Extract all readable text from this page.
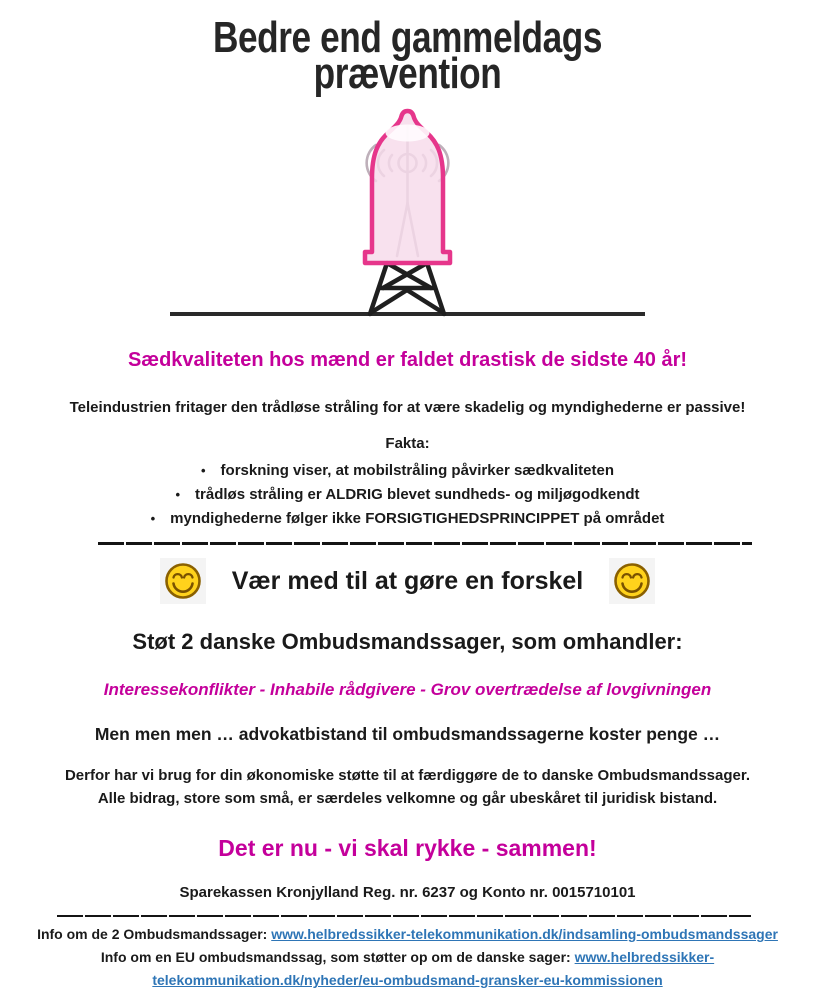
Bedre end gammeldags
prævention
Sædkvaliteten hos mænd er faldet drastisk de sidste 40 år!
Teleindustrien fritager den trådløse stråling for at være skadelig og myndighederne er passive!
Fakta:
• forskning viser, at mobilstråling påvirker sædkvaliteten
• trådløs stråling er ALDRIG blevet sundheds- og miljøgodkendt
• myndighederne følger ikke FORSIGTIGHEDSPRINCIPPET på området
Vær med til at gøre en forskel
Støt 2 danske Ombudsmandssager, som omhandler:
Interessekonflikter - Inhabile rådgivere - Grov overtrædelse af lovgivningen
Men men men … advokatbistand til ombudsmandssagerne koster penge …
Derfor har vi brug for din økonomiske støtte til at færdiggøre de to danske Ombudsmandssager.
Alle bidrag, store som små, er særdeles velkomne og går ubeskåret til juridisk bistand.
Det er nu - vi skal rykke - sammen!
Sparekassen Kronjylland Reg. nr. 6237 og Konto nr. 0015710101
Info om de 2 Ombudsmandssager: www.helbredssikker-telekommunikation.dk/indsamling-ombudsmandssager
Info om en EU ombudsmandssag, som støtter op om de danske sager: www.helbredssikker-
telekommunikation.dk/nyheder/eu-ombudsmand-gransker-eu-kommissionen
